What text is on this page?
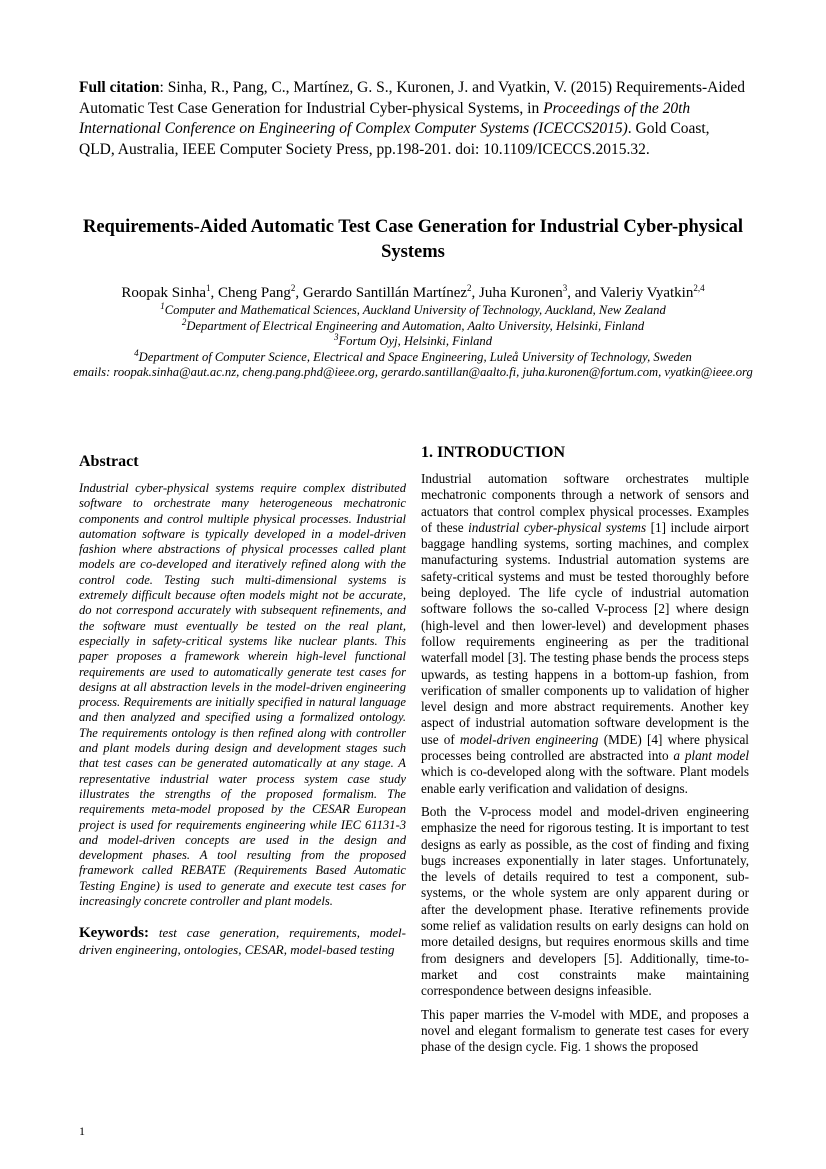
Full citation: Sinha, R., Pang, C., Martínez, G. S., Kuronen, J. and Vyatkin, V. (2015) Requirements-Aided Automatic Test Case Generation for Industrial Cyber-physical Systems, in Proceedings of the 20th International Conference on Engineering of Complex Computer Systems (ICECCS2015). Gold Coast, QLD, Australia, IEEE Computer Society Press, pp.198-201. doi: 10.1109/ICECCS.2015.32.
Requirements-Aided Automatic Test Case Generation for Industrial Cyber-physical Systems
Roopak Sinha$^1$, Cheng Pang$^2$, Gerardo Santillán Martínez$^2$, Juha Kuronen$^3$, and Valeriy Vyatkin$^{2,4}$

$^1$Computer and Mathematical Sciences, Auckland University of Technology, Auckland, New Zealand

$^2$Department of Electrical Engineering and Automation, Aalto University, Helsinki, Finland

$^3$Fortum Oyj, Helsinki, Finland

$^4$Department of Computer Science, Electrical and Space Engineering, Luleå University of Technology, Sweden

emails: roopak.sinha@aut.ac.nz, cheng.pang.phd@ieee.org, gerardo.santillan@aalto.fi, juha.kuronen@fortum.com, vyatkin@ieee.org

Abstract

Industrial cyber-physical systems require complex distributed software to orchestrate many heterogeneous mechatronic components and control multiple physical processes. Industrial automation software is typically developed in a model-driven fashion where abstractions of physical processes called plant models are co-developed and iteratively refined along with the control code. Testing such multi-dimensional systems is extremely difficult because often models might not be accurate, do not correspond accurately with subsequent refinements, and the software must eventually be tested on the real plant, especially in safety-critical systems like nuclear plants. This paper proposes a framework wherein high-level functional requirements are used to automatically generate test cases for designs at all abstraction levels in the model-driven engineering process. Requirements are initially specified in natural language and then analyzed and specified using a formalized ontology. The requirements ontology is then refined along with controller and plant models during design and development stages such that test cases can be generated automatically at any stage. A representative industrial water process system case study illustrates the strengths of the proposed formalism. The requirements meta-model proposed by the CESAR European project is used for requirements engineering while IEC 61131-3 and model-driven concepts are used in the design and development phases. A tool resulting from the proposed framework called REBATE (Requirements Based Automatic Testing Engine) is used to generate and execute test cases for increasingly concrete controller and plant models.

Keywords: test case generation, requirements, model-driven engineering, ontologies, CESAR, model-based testing

1. INTRODUCTION

Industrial automation software orchestrates multiple mechatronic components through a network of sensors and actuators that control complex physical processes. Examples of these industrial cyber-physical systems [1] include airport baggage handling systems, sorting machines, and complex manufacturing systems. Industrial automation systems are safety-critical systems and must be tested thoroughly before being deployed. The life cycle of industrial automation software follows the so-called V-process [2] where design (high-level and then lower-level) and development phases follow requirements engineering as per the traditional waterfall model [3]. The testing phase bends the process steps upwards, as testing happens in a bottom-up fashion, from verification of smaller components up to validation of higher level design and more abstract requirements. Another key aspect of industrial automation software development is the use of model-driven engineering (MDE) [4] where physical processes being controlled are abstracted into a plant model which is co-developed along with the software. Plant models enable early verification and validation of designs.

Both the V-process model and model-driven engineering emphasize the need for rigorous testing. It is important to test designs as early as possible, as the cost of finding and fixing bugs increases exponentially in later stages. Unfortunately, the levels of details required to test a component, sub-systems, or the whole system are only apparent during or after the development phase. Iterative refinements provide some relief as validation results on early designs can hold on more detailed designs, but requires enormous skills and time from designers and developers [5]. Additionally, time-to-market and cost constraints make maintaining correspondence between designs infeasible.

This paper marries the V-model with MDE, and proposes a novel and elegant formalism to generate test cases for every phase of the design cycle. Fig. 1 shows the proposed

1
